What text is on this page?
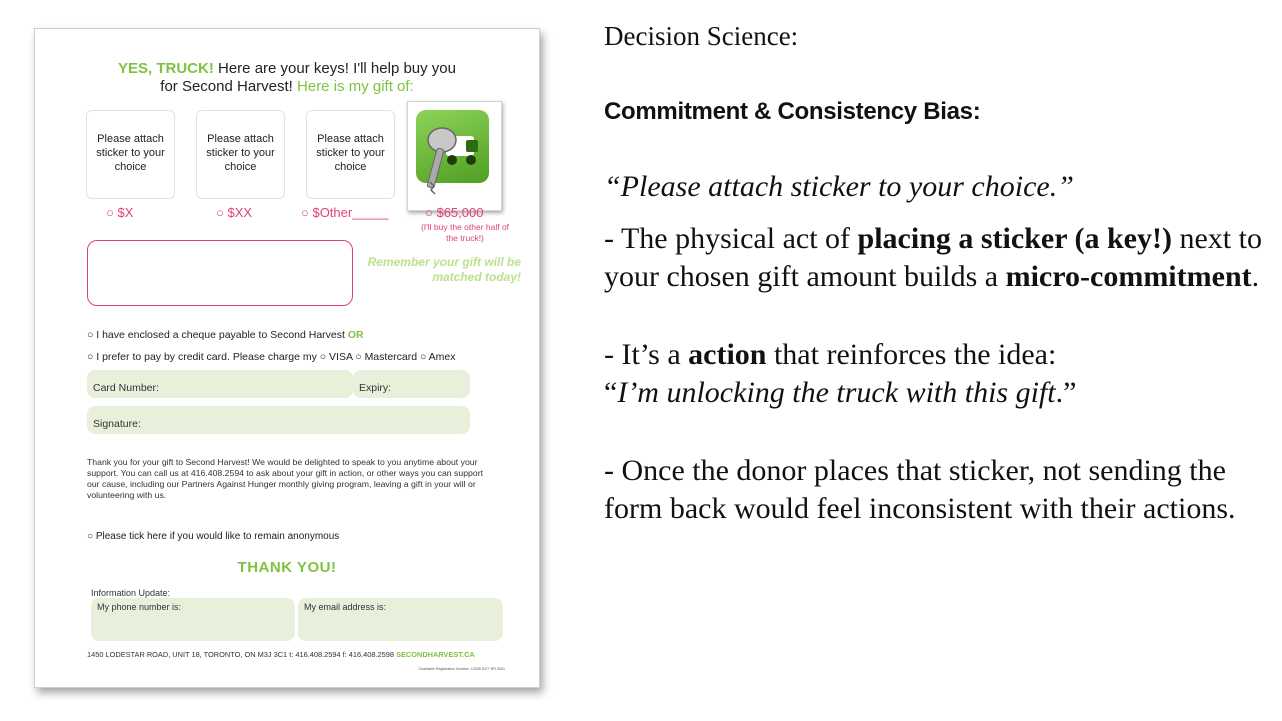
YES, TRUCK! Here are your keys! I'll help buy you
for Second Harvest! Here is my gift of:
Please attach sticker to your choice
Please attach sticker to your choice
Please attach sticker to your choice
○ $X	○ $XX	○ $Other_____	○ $65,000
(I'll buy the other half of the truck!)
Remember your gift will be matched today!
○ I have enclosed a cheque payable to Second Harvest OR
○ I prefer to pay by credit card. Please charge my ○ VISA ○ Mastercard ○ Amex
Card Number:	Expiry:
Signature:
Thank you for your gift to Second Harvest! We would be delighted to speak to you anytime about your support. You can call us at 416.408.2594 to ask about your gift in action, or other ways you can support our cause, including our Partners Against Hunger monthly giving program, leaving a gift in your will or volunteering with us.
○ Please tick here if you would like to remain anonymous
THANK YOU!
Information Update:
My phone number is:	My email address is:
1450 LODESTAR ROAD, UNIT 18, TORONTO, ON M3J 3C1 t: 416.408.2594 f: 416.408.2598 SECONDHARVEST.CA
Charitable Registration Number: 13395 5477 RR 0001
Decision Science:
Commitment & Consistency Bias:
“Please attach sticker to your choice.”
- The physical act of placing a sticker (a key!) next to your chosen gift amount builds a micro-commitment.
- It’s a action that reinforces the idea:
“I’m unlocking the truck with this gift.”
- Once the donor places that sticker, not sending the form back would feel inconsistent with their actions.
